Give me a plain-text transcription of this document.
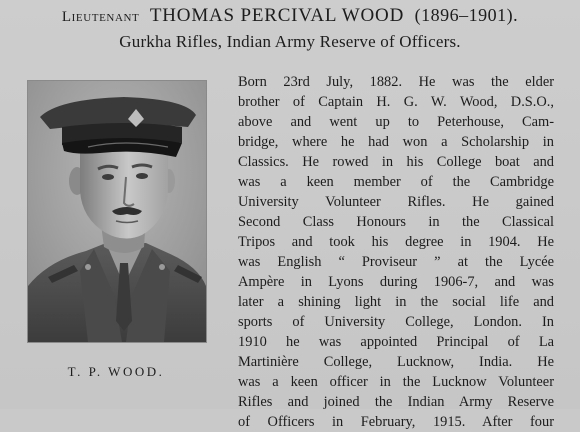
Lieutenant THOMAS PERCIVAL WOOD (1896–1901).
Gurkha Rifles, Indian Army Reserve of Officers.
T. P. WOOD.
Born 23rd July, 1882. He was the elder
brother of Captain H. G. W. Wood, D.S.O.,
above and went up to Peterhouse, Cam-
bridge, where he had won a Scholarship in
Classics. He rowed in his College boat and
was a keen member of the Cambridge
University Volunteer Rifles. He gained
Second Class Honours in the Classical
Tripos and took his degree in 1904. He
was English “ Proviseur ” at the Lycée
Ampère in Lyons during 1906-7, and was
later a shining light in the social life and
sports of University College, London. In
1910 he was appointed Principal of La
Martinière College, Lucknow, India. He
was a keen officer in the Lucknow Volunteer
Rifles and joined the Indian Army Reserve
of Officers in February, 1915. After four
